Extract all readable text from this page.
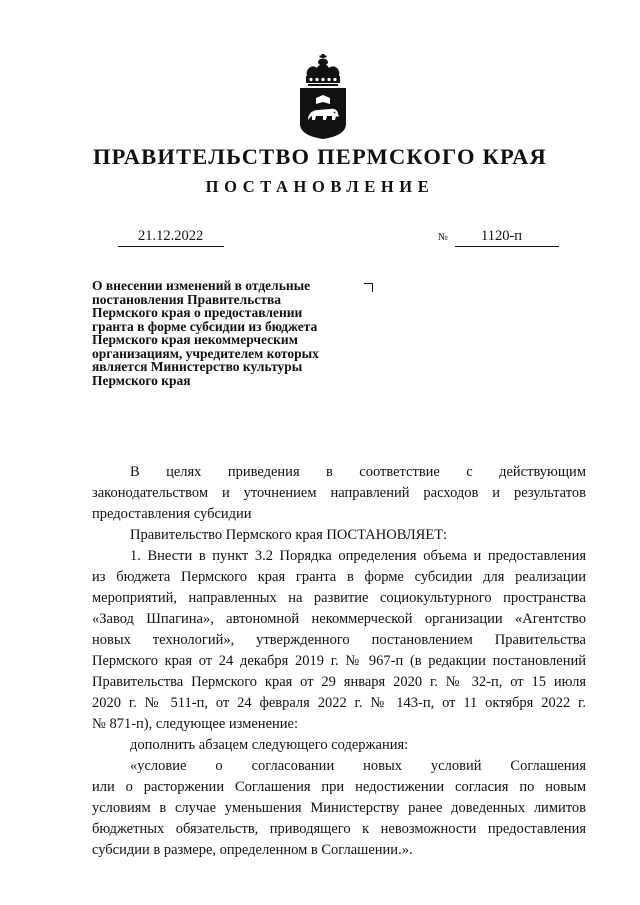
ПРАВИТЕЛЬСТВО ПЕРМСКОГО КРАЯ
ПОСТАНОВЛЕНИЕ
21.12.2022	№ 1120-п
О внесении изменений в отдельные
постановления Правительства
Пермского края о предоставлении
гранта в форме субсидии из бюджета
Пермского края некоммерческим
организациям, учредителем которых
является Министерство культуры
Пермского края
В целях приведения в соответствие с действующим
законодательством и уточнением направлений расходов и результатов
предоставления субсидии
Правительство Пермского края ПОСТАНОВЛЯЕТ:
1. Внести в пункт 3.2 Порядка определения объема и предоставления
из бюджета Пермского края гранта в форме субсидии для реализации
мероприятий, направленных на развитие социокультурного пространства
«Завод Шпагина», автономной некоммерческой организации «Агентство
новых технологий», утвержденного постановлением Правительства
Пермского края от 24 декабря 2019 г. № 967-п (в редакции постановлений
Правительства Пермского края от 29 января 2020 г. № 32-п, от 15 июля
2020 г. № 511-п, от 24 февраля 2022 г. № 143-п, от 11 октября 2022 г.
№ 871-п), следующее изменение:
дополнить абзацем следующего содержания:
«условие о согласовании новых условий Соглашения
или о расторжении Соглашения при недостижении согласия по новым
условиям в случае уменьшения Министерству ранее доведенных лимитов
бюджетных обязательств, приводящего к невозможности предоставления
субсидии в размере, определенном в Соглашении.».
